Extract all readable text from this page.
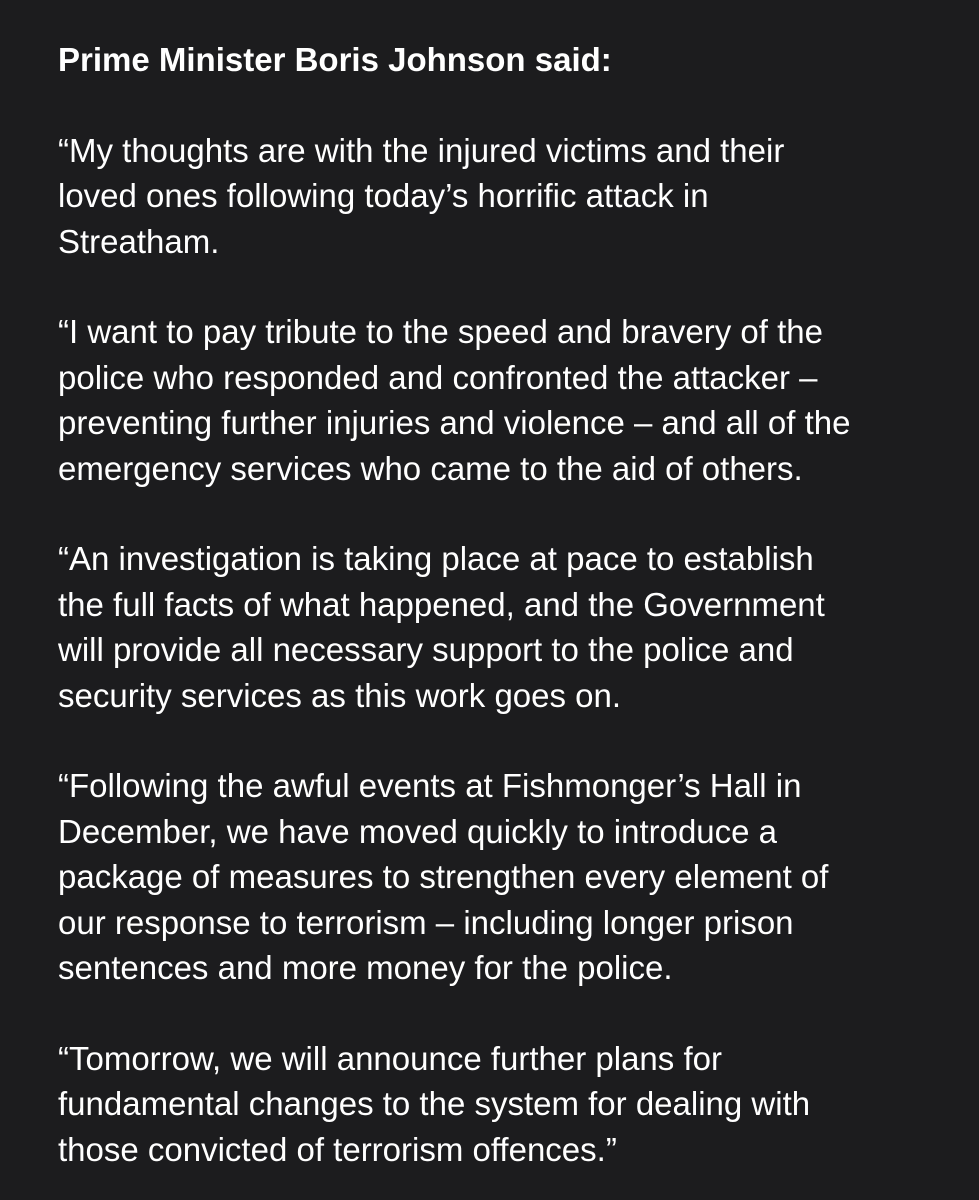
Prime Minister Boris Johnson said:

“My thoughts are with the injured victims and their
loved ones following today’s horrific attack in
Streatham.

“I want to pay tribute to the speed and bravery of the
police who responded and confronted the attacker –
preventing further injuries and violence – and all of the
emergency services who came to the aid of others.

“An investigation is taking place at pace to establish
the full facts of what happened, and the Government
will provide all necessary support to the police and
security services as this work goes on.

“Following the awful events at Fishmonger’s Hall in
December, we have moved quickly to introduce a
package of measures to strengthen every element of
our response to terrorism – including longer prison
sentences and more money for the police.

“Tomorrow, we will announce further plans for
fundamental changes to the system for dealing with
those convicted of terrorism offences.”
